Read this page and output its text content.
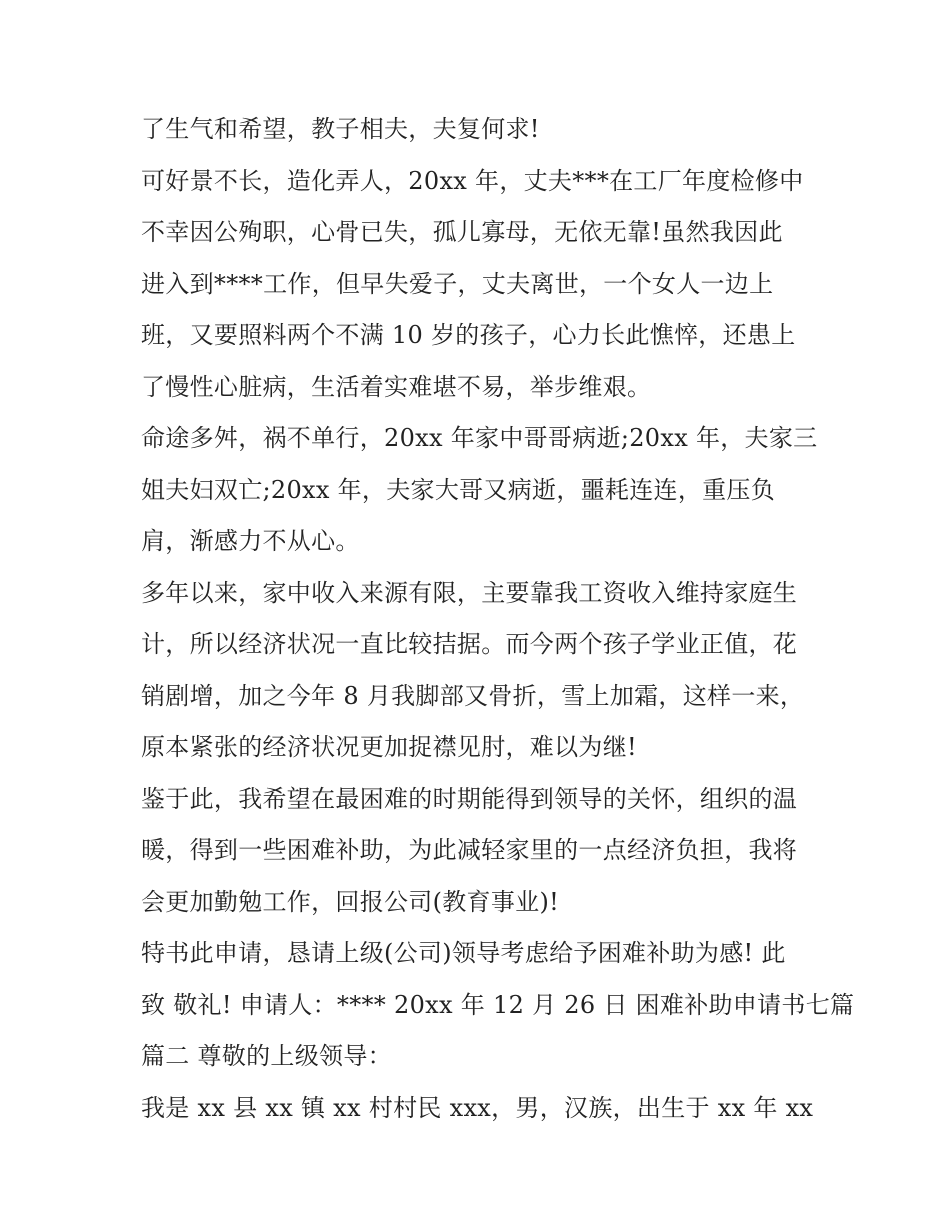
了生气和希望，教子相夫，夫复何求!
可好景不长，造化弄人，20xx 年，丈夫***在工厂年度检修中
不幸因公殉职，心骨已失，孤儿寡母，无依无靠!虽然我因此
进入到****工作，但早失爱子，丈夫离世，一个女人一边上
班，又要照料两个不满 10 岁的孩子，心力长此憔悴，还患上
了慢性心脏病，生活着实难堪不易，举步维艰。
命途多舛，祸不单行，20xx 年家中哥哥病逝;20xx 年，夫家三
姐夫妇双亡;20xx 年，夫家大哥又病逝，噩耗连连，重压负
肩，渐感力不从心。
多年以来，家中收入来源有限，主要靠我工资收入维持家庭生
计，所以经济状况一直比较拮据。而今两个孩子学业正值，花
销剧增，加之今年 8 月我脚部又骨折，雪上加霜，这样一来，
原本紧张的经济状况更加捉襟见肘，难以为继!
鉴于此，我希望在最困难的时期能得到领导的关怀，组织的温
暖，得到一些困难补助，为此减轻家里的一点经济负担，我将
会更加勤勉工作，回报公司(教育事业)!
特书此申请，恳请上级(公司)领导考虑给予困难补助为感! 此
致 敬礼! 申请人：**** 20xx 年 12 月 26 日 困难补助申请书七篇
篇二 尊敬的上级领导：
我是 xx 县 xx 镇 xx 村村民 xxx，男，汉族，出生于 xx 年 xx
